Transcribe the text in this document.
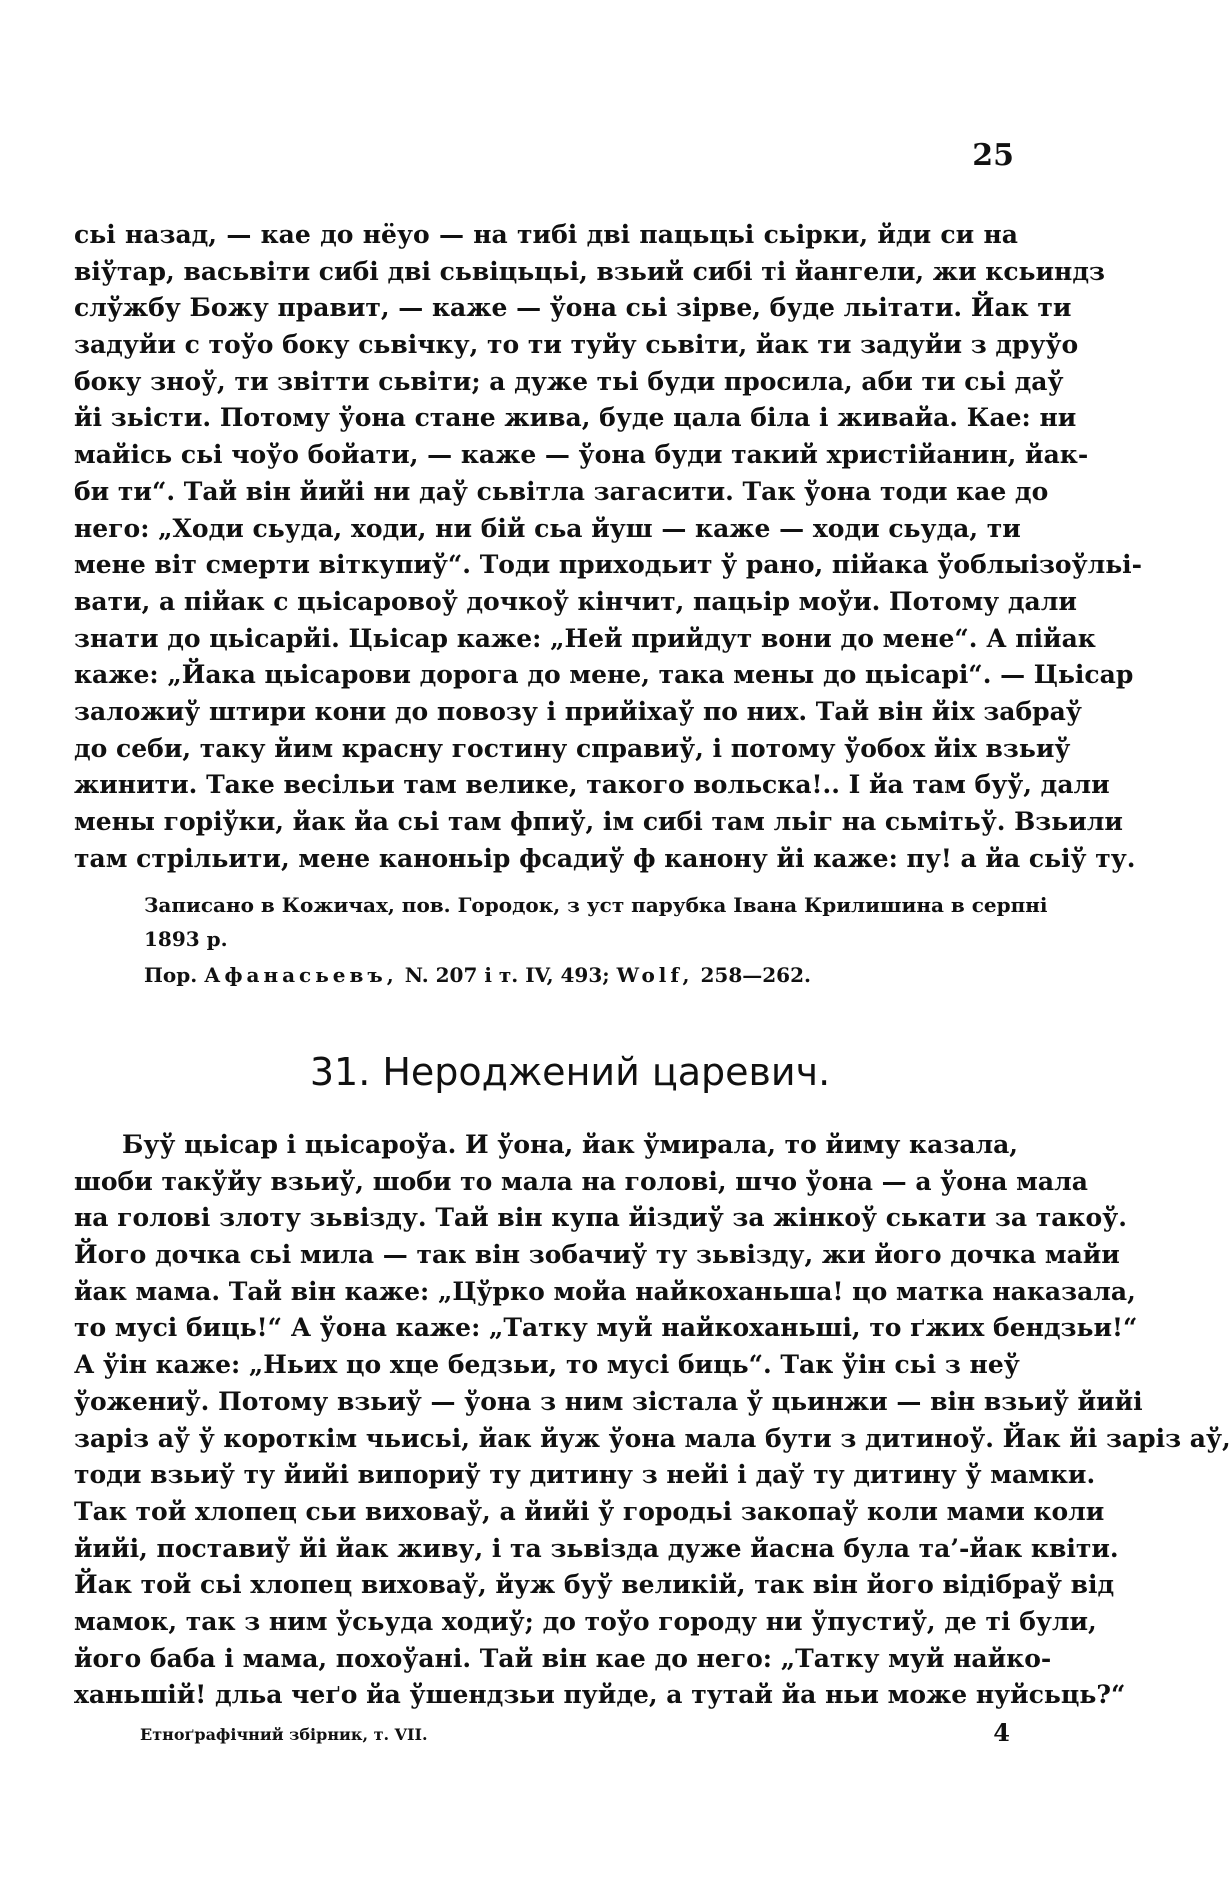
25
сьі назад, — кае до нёуо — на тибі дві пацьцьі сьірки, йди си на
віўтар, васьвіти сибі дві сьвіцьцьі, взьий сибі ті йангели, жи ксьиндз
слўжбу Божу правит, — каже — ўона сьі зірве, буде льітати. Йак ти
задуйи с тоўо боку сьвічку, то ти туйу сьвіти, йак ти задуйи з друўо
боку зноў, ти звітти сьвіти; а дуже тьі буди просила, аби ти сьі даў
йі зьісти. Потому ўона стане жива, буде цала біла і живайа. Кае: ни
майісь сьі чоўо бойати, — каже — ўона буди такий христійанин, йак-
би ти“. Тай він йийі ни даў сьвітла загасити. Так ўона тоди кае до
него: „Ходи сьуда, ходи, ни бій сьа йуш — каже — ходи сьуда, ти
мене віт смерти віткупиў“. Тоди приходьит ў рано, пійака ўоблыізоўльі-
вати, а пійак с цьісаровоў дочкоў кінчит, пацьір моўи. Потому дали
знати до цьісарйі. Цьісар каже: „Ней прийдут вони до мене“. А пійак
каже: „Йака цьісарови дорога до мене, така мены до цьісарі“. — Цьісар
заложиў штири кони до повозу і прийіхаў по них. Тай він йіх забраў
до себи, таку йим красну гостину справиў, і потому ўобох йіх взьиў
жинити. Таке весільи там велике, такого вольска!.. І йа там буў, дали
мены горіўки, йак йа сьі там фпиў, ім сибі там льіг на сьмітьў. Взьили
там стрільити, мене каноньір фсадиў ф канону йі каже: пу! а йа сьіў ту.
Записано в Кожичах, пов. Городок, з уст парубка Івана Крилишина в серпні
1893 р.
Пор. Афанасьевъ, N. 207 і т. IV, 493; Wolf, 258—262.
31. Нероджений царевич.
Буў цьісар і цьісароўа. И ўона, йак ўмирала, то йиму казала,
шоби такўйу взьиў, шоби то мала на голові, шчо ўона — а ўона мала
на голові злоту зьвізду. Тай він купа йіздиў за жінкоў ськати за такоў.
Його дочка сьі мила — так він зобачиў ту зьвізду, жи його дочка майи
йак мама. Тай він каже: „Цўрко мойа найкоханьша! цо матка наказала,
то мусі биць!“ А ўона каже: „Татку муй найкоханьші, то ґжих бендзьи!“
А ўін каже: „Ньих цо хце бедзьи, то мусі биць“. Так ўін сьі з неў
ўожениў. Потому взьиў — ўона з ним зістала ў цьинжи — він взьиў йийі
заріз аў ў короткім чьисьі, йак йуж ўона мала бути з дитиноў. Йак йі заріз аў,
тоди взьиў ту йийі випориў ту дитину з нейі і даў ту дитину ў мамки.
Так той хлопец сьи виховаў, а йийі ў городьі закопаў коли мами коли
йийі, поставиў йі йак живу, і та зьвізда дуже йасна була та’-йак квіти.
Йак той сьі хлопец виховаў, йуж буў великій, так він його відібраў від
мамок, так з ним ўсьуда ходиў; до тоўо городу ни ўпустиў, де ті були,
його баба і мама, похоўані. Тай він кае до него: „Татку муй найко-
ханьшій! дльа чеґо йа ўшендзьи пуйде, а тутай йа ньи може нуйсьць?“
Етноґрафічний збірник, т. VII.	4
